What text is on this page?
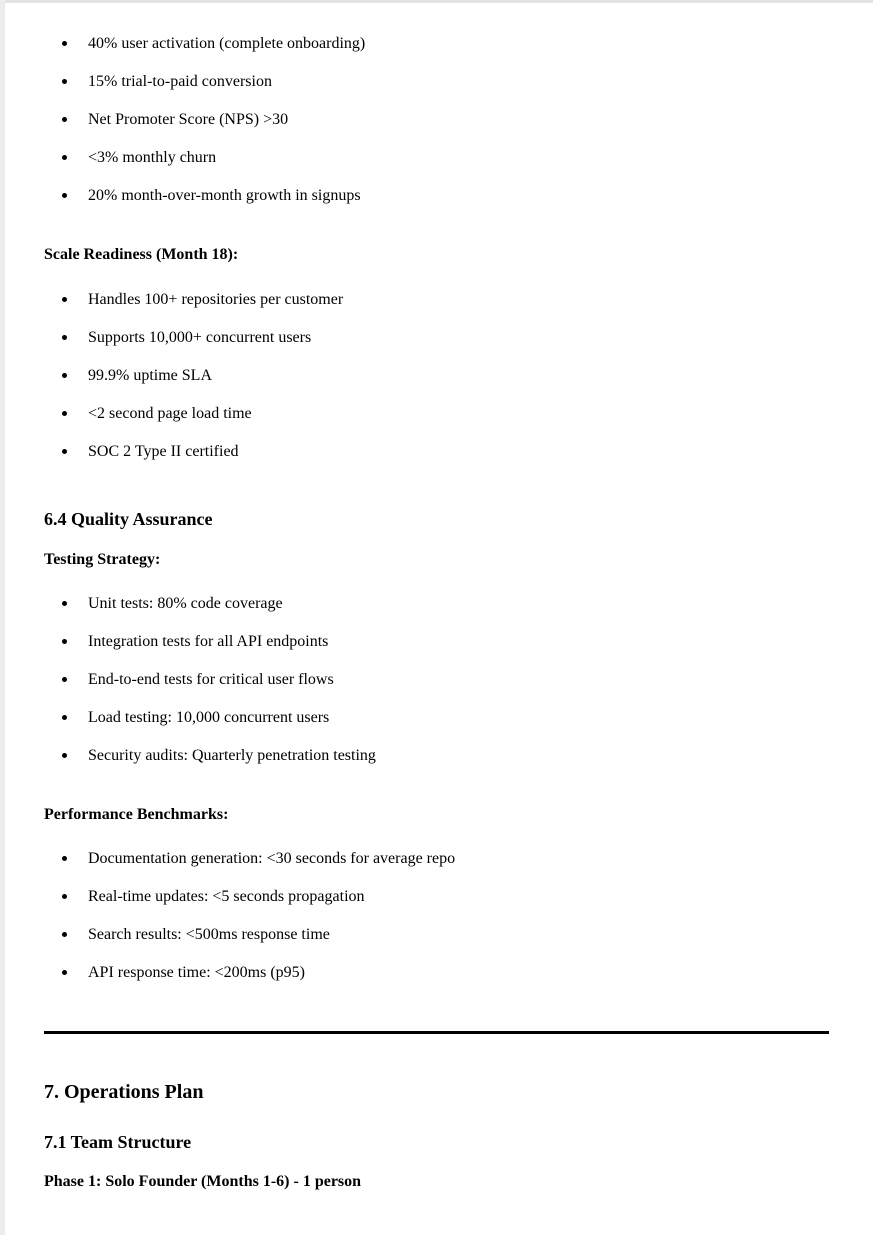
40% user activation (complete onboarding)
15% trial-to-paid conversion
Net Promoter Score (NPS) >30
<3% monthly churn
20% month-over-month growth in signups

Scale Readiness (Month 18):

Handles 100+ repositories per customer
Supports 10,000+ concurrent users
99.9% uptime SLA
<2 second page load time
SOC 2 Type II certified

6.4 Quality Assurance

Testing Strategy:

Unit tests: 80% code coverage
Integration tests for all API endpoints
End-to-end tests for critical user flows
Load testing: 10,000 concurrent users
Security audits: Quarterly penetration testing

Performance Benchmarks:

Documentation generation: <30 seconds for average repo
Real-time updates: <5 seconds propagation
Search results: <500ms response time
API response time: <200ms (p95)

7. Operations Plan

7.1 Team Structure

Phase 1: Solo Founder (Months 1-6) - 1 person
